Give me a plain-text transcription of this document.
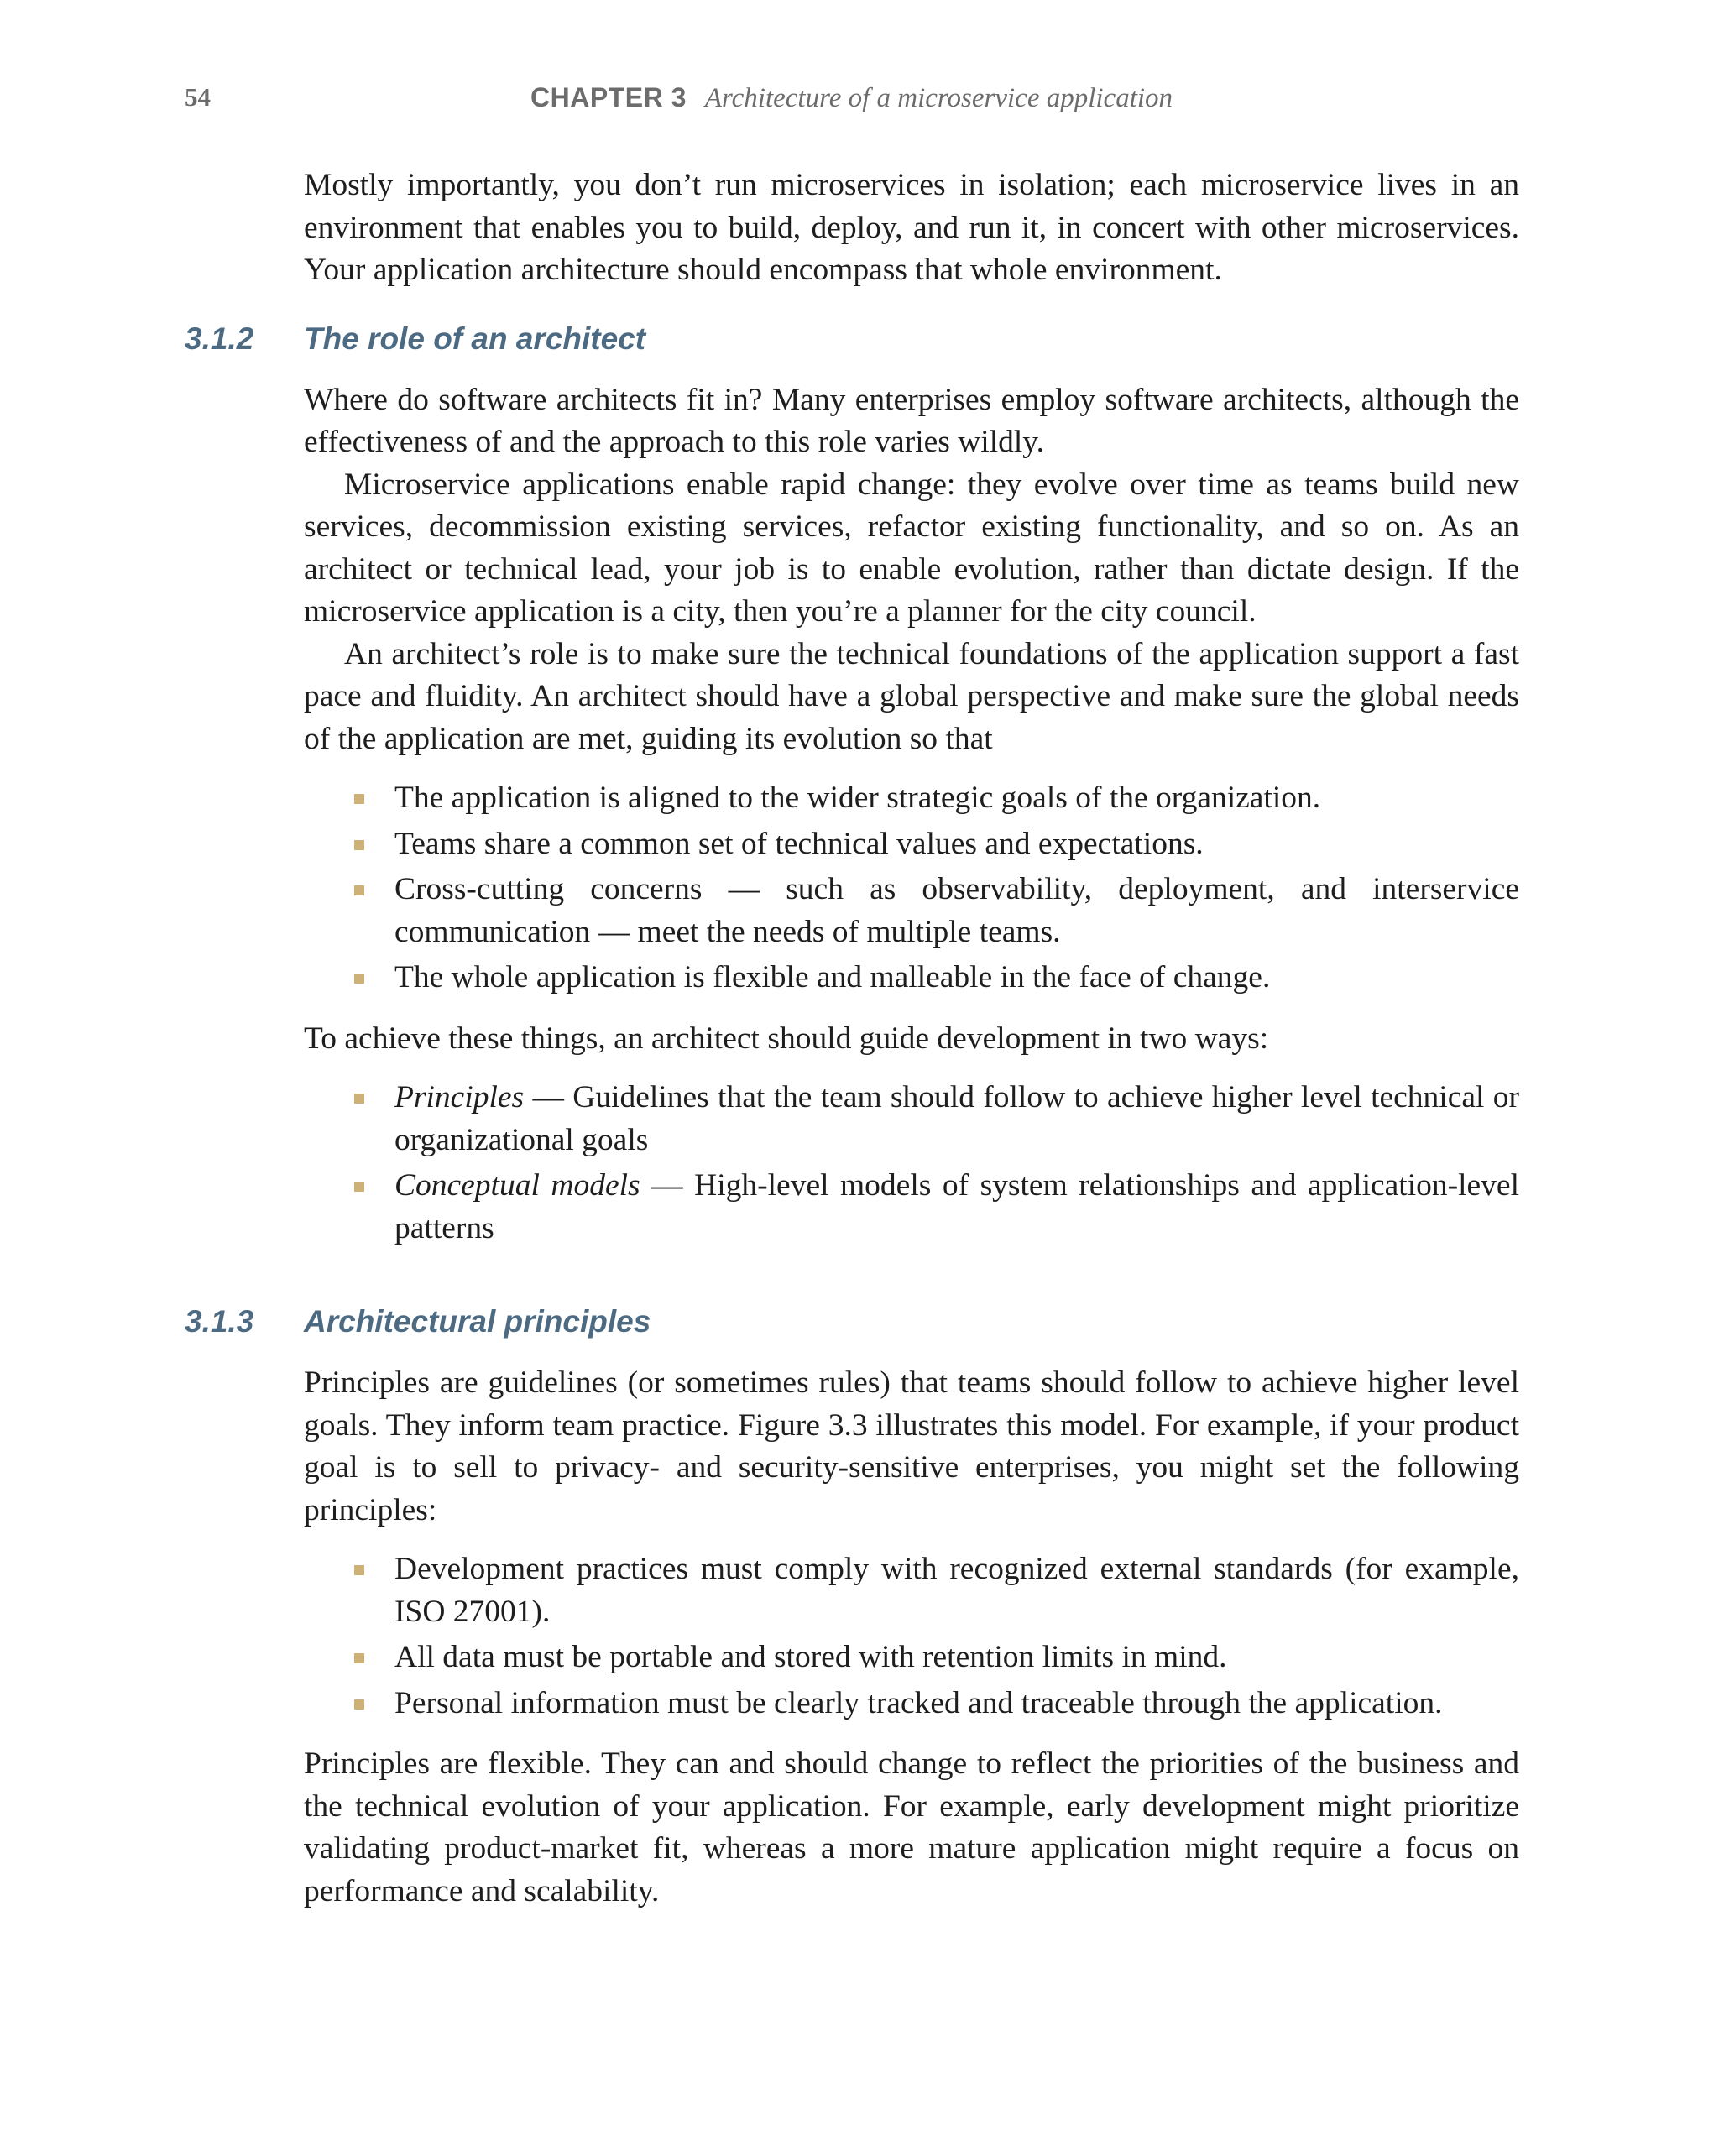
54	CHAPTER 3 Architecture of a microservice application

Mostly importantly, you don’t run microservices in isolation; each microservice lives in an environment that enables you to build, deploy, and run it, in concert with other microservices. Your application architecture should encompass that whole environment.

3.1.2 The role of an architect

Where do software architects fit in? Many enterprises employ software architects, although the effectiveness of and the approach to this role varies wildly.

Microservice applications enable rapid change: they evolve over time as teams build new services, decommission existing services, refactor existing functionality, and so on. As an architect or technical lead, your job is to enable evolution, rather than dictate design. If the microservice application is a city, then you’re a planner for the city council.

An architect’s role is to make sure the technical foundations of the application support a fast pace and fluidity. An architect should have a global perspective and make sure the global needs of the application are met, guiding its evolution so that

The application is aligned to the wider strategic goals of the organization.
Teams share a common set of technical values and expectations.
Cross-cutting concerns — such as observability, deployment, and interservice communication — meet the needs of multiple teams.
The whole application is flexible and malleable in the face of change.

To achieve these things, an architect should guide development in two ways:

Principles — Guidelines that the team should follow to achieve higher level technical or organizational goals
Conceptual models — High-level models of system relationships and application-level patterns
3.1.3 Architectural principles

Principles are guidelines (or sometimes rules) that teams should follow to achieve higher level goals. They inform team practice. Figure 3.3 illustrates this model. For example, if your product goal is to sell to privacy- and security-sensitive enterprises, you might set the following principles:

Development practices must comply with recognized external standards (for example, ISO 27001).
All data must be portable and stored with retention limits in mind.
Personal information must be clearly tracked and traceable through the application.

Principles are flexible. They can and should change to reflect the priorities of the business and the technical evolution of your application. For example, early development might prioritize validating product-market fit, whereas a more mature application might require a focus on performance and scalability.
